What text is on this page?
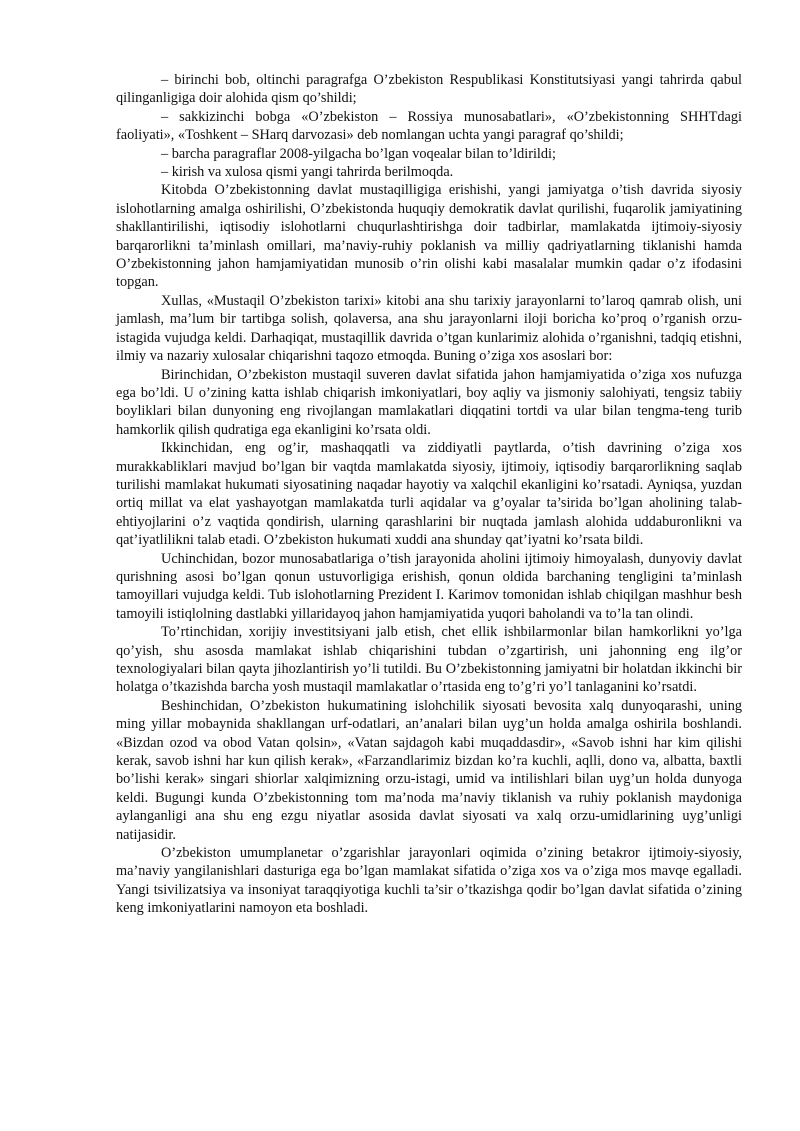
– birinchi bob, oltinchi paragrafga O’zbekiston Respublikasi Konstitutsiyasi yangi tahrirda qabul qilinganligiga doir alohida qism qo’shildi;

– sakkizinchi bobga «O’zbekiston – Rossiya munosabatlari», «O’zbekistonning SHHTdagi faoliyati», «Toshkent – SHarq darvozasi» deb nomlangan uchta yangi paragraf qo’shildi;

– barcha paragraflar 2008-yilgacha bo’lgan voqealar bilan to’ldirildi;

– kirish va xulosa qismi yangi tahrirda berilmoqda.

Kitobda O’zbekistonning davlat mustaqilligiga erishishi, yangi jamiyatga o’tish davrida siyosiy islohotlarning amalga oshirilishi, O’zbekistonda huquqiy demokratik davlat qurilishi, fuqarolik jamiyatining shakllantirilishi, iqtisodiy islohotlarni chuqurlashtirishga doir tadbirlar, mamlakatda ijtimoiy-siyosiy barqarorlikni ta’minlash omillari, ma’naviy-ruhiy poklanish va milliy qadriyatlarning tiklanishi hamda O’zbekistonning jahon hamjamiyatidan munosib o’rin olishi kabi masalalar mumkin qadar o’z ifodasini topgan.

Xullas, «Mustaqil O’zbekiston tarixi» kitobi ana shu tarixiy jarayonlarni to’laroq qamrab olish, uni jamlash, ma’lum bir tartibga solish, qolaversa, ana shu jarayonlarni iloji boricha ko’proq o’rganish orzu-istagida vujudga keldi. Darhaqiqat, mustaqillik davrida o’tgan kunlarimiz alohida o’rganishni, tadqiq etishni, ilmiy va nazariy xulosalar chiqarishni taqozo etmoqda. Buning o’ziga xos asoslari bor:

Birinchidan, O’zbekiston mustaqil suveren davlat sifatida jahon hamjamiyatida o’ziga xos nufuzga ega bo’ldi. U o’zining katta ishlab chiqarish imkoniyatlari, boy aqliy va jismoniy salohiyati, tengsiz tabiiy boyliklari bilan dunyoning eng rivojlangan mamlakatlari diqqatini tortdi va ular bilan tengma-teng turib hamkorlik qilish qudratiga ega ekanligini ko’rsata oldi.

Ikkinchidan, eng og’ir, mashaqqatli va ziddiyatli paytlarda, o’tish davrining o’ziga xos murakkabliklari mavjud bo’lgan bir vaqtda mamlakatda siyosiy, ijtimoiy, iqtisodiy barqarorlikning saqlab turilishi mamlakat hukumati siyosatining naqadar hayotiy va xalqchil ekanligini ko’rsatadi. Ayniqsa, yuzdan ortiq millat va elat yashayotgan mamlakatda turli aqidalar va g’oyalar ta’sirida bo’lgan aholining talab-ehtiyojlarini o’z vaqtida qondirish, ularning qarashlarini bir nuqtada jamlash alohida uddaburonlikni va qat’iyatlilikni talab etadi. O’zbekiston hukumati xuddi ana shunday qat’iyatni ko’rsata bildi.

Uchinchidan, bozor munosabatlariga o’tish jarayonida aholini ijtimoiy himoyalash, dunyoviy davlat qurishning asosi bo’lgan qonun ustuvorligiga erishish, qonun oldida barchaning tengligini ta’minlash tamoyillari vujudga keldi. Tub islohotlarning Prezident I. Karimov tomonidan ishlab chiqilgan mashhur besh tamoyili istiqlolning dastlabki yillaridayoq jahon hamjamiyatida yuqori baholandi va to’la tan olindi.

To’rtinchidan, xorijiy investitsiyani jalb etish, chet ellik ishbilarmonlar bilan hamkorlikni yo’lga qo’yish, shu asosda mamlakat ishlab chiqarishini tubdan o’zgartirish, uni jahonning eng ilg’or texnologiyalari bilan qayta jihozlantirish yo’li tutildi. Bu O’zbekistonning jamiyatni bir holatdan ikkinchi bir holatga o’tkazishda barcha yosh mustaqil mamlakatlar o’rtasida eng to’g’ri yo’l tanlaganini ko’rsatdi.

Beshinchidan, O’zbekiston hukumatining islohchilik siyosati bevosita xalq dunyoqarashi, uning ming yillar mobaynida shakllangan urf-odatlari, an’analari bilan uyg’un holda amalga oshirila boshlandi. «Bizdan ozod va obod Vatan qolsin», «Vatan sajdagoh kabi muqaddasdir», «Savob ishni har kim qilishi kerak, savob ishni har kun qilish kerak», «Farzandlarimiz bizdan ko’ra kuchli, aqlli, dono va, albatta, baxtli bo’lishi kerak» singari shiorlar xalqimizning orzu-istagi, umid va intilishlari bilan uyg’un holda dunyoga keldi. Bugungi kunda O’zbekistonning tom ma’noda ma’naviy tiklanish va ruhiy poklanish maydoniga aylanganligi ana shu eng ezgu niyatlar asosida davlat siyosati va xalq orzu-umidlarining uyg’unligi natijasidir.

O’zbekiston umumplanetar o’zgarishlar jarayonlari oqimida o’zining betakror ijtimoiy-siyosiy, ma’naviy yangilanishlari dasturiga ega bo’lgan mamlakat sifatida o’ziga xos va o’ziga mos mavqe egalladi. Yangi tsivilizatsiya va insoniyat taraqqiyotiga kuchli ta’sir o’tkazishga qodir bo’lgan davlat sifatida o’zining keng imkoniyatlarini namoyon eta boshladi.
